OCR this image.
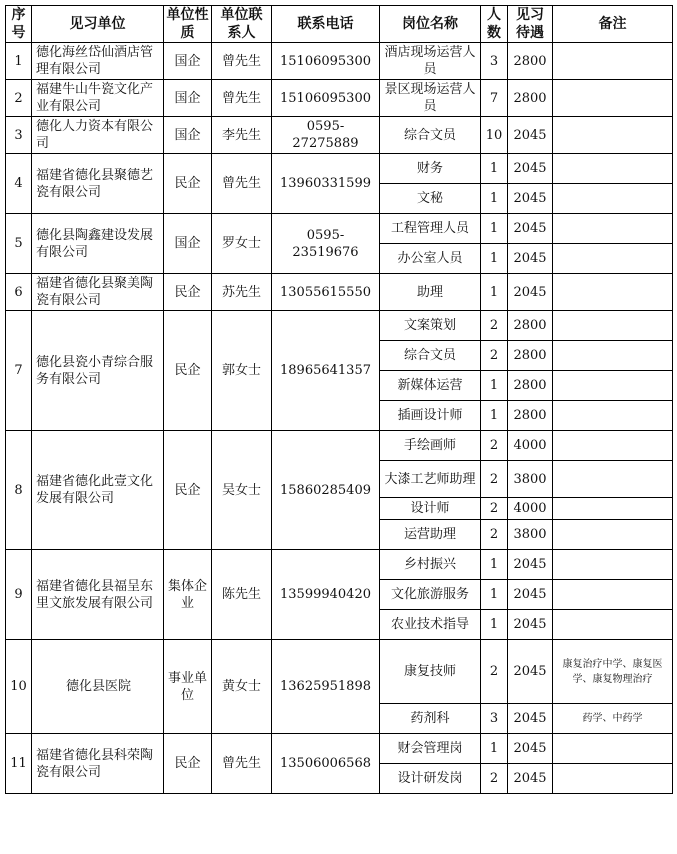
序号	见习单位	单位性质	单位联系人	联系电话	岗位名称	人数	见习待遇	备注
1	德化海丝岱仙酒店管理有限公司	国企	曾先生	15106095300	酒店现场运营人员	3	2800	
2	福建牛山牛瓷文化产业有限公司	国企	曾先生	15106095300	景区现场运营人员	7	2800	
3	德化人力资本有限公司	国企	李先生	0595-27275889	综合文员	10	2045	
4	福建省德化县聚德艺瓷有限公司	民企	曾先生	13960331599	财务	1	2045	
					文秘	1	2045	
5	德化县陶鑫建设发展有限公司	国企	罗女士	0595-23519676	工程管理人员	1	2045	
					办公室人员	1	2045	
6	福建省德化县聚美陶瓷有限公司	民企	苏先生	13055615550	助理	1	2045	
7	德化县瓷小青综合服务有限公司	民企	郭女士	18965641357	文案策划	2	2800	
					综合文员	2	2800	
					新媒体运营	1	2800	
					插画设计师	1	2800	
8	福建省德化此壹文化发展有限公司	民企	吴女士	15860285409	手绘画师	2	4000	
					大漆工艺师助理	2	3800	
					设计师	2	4000	
					运营助理	2	3800	
9	福建省德化县福呈东里文旅发展有限公司	集体企业	陈先生	13599940420	乡村振兴	1	2045	
					文化旅游服务	1	2045	
					农业技术指导	1	2045	
10	德化县医院	事业单位	黄女士	13625951898	康复技师	2	2045	康复治疗中学、康复医学、康复物理治疗
					药剂科	3	2045	药学、中药学
11	福建省德化县科荣陶瓷有限公司	民企	曾先生	13506006568	财会管理岗	1	2045	
					设计研发岗	2	2045	
